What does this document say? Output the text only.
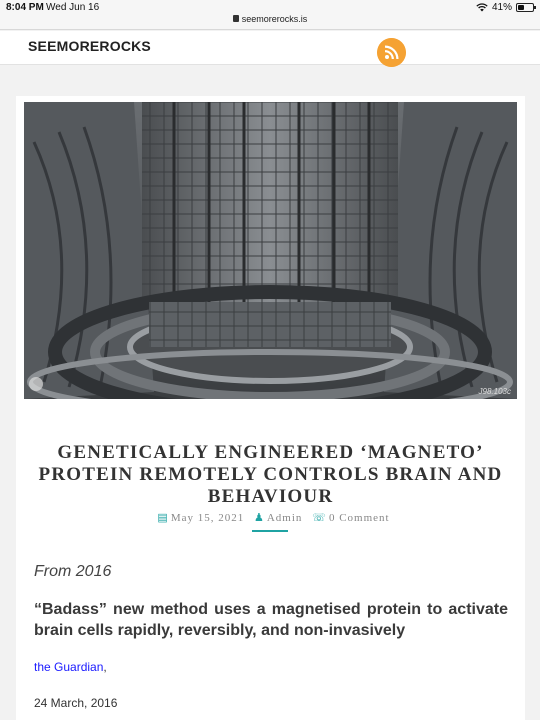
8:04 PM Wed Jun 16	41%
seemorerocks.is
SEEMOREROCKS
J98.103c
GENETICALLY ENGINEERED ‘MAGNETO’ PROTEIN REMOTELY CONTROLS BRAIN AND BEHAVIOUR
▤ May 15, 2021 ♟ Admin ☏ 0 Comment
From 2016
“Badass” new method uses a magnetised protein to activate brain cells rapidly, reversibly, and non-invasively
the Guardian,
24 March, 2016
